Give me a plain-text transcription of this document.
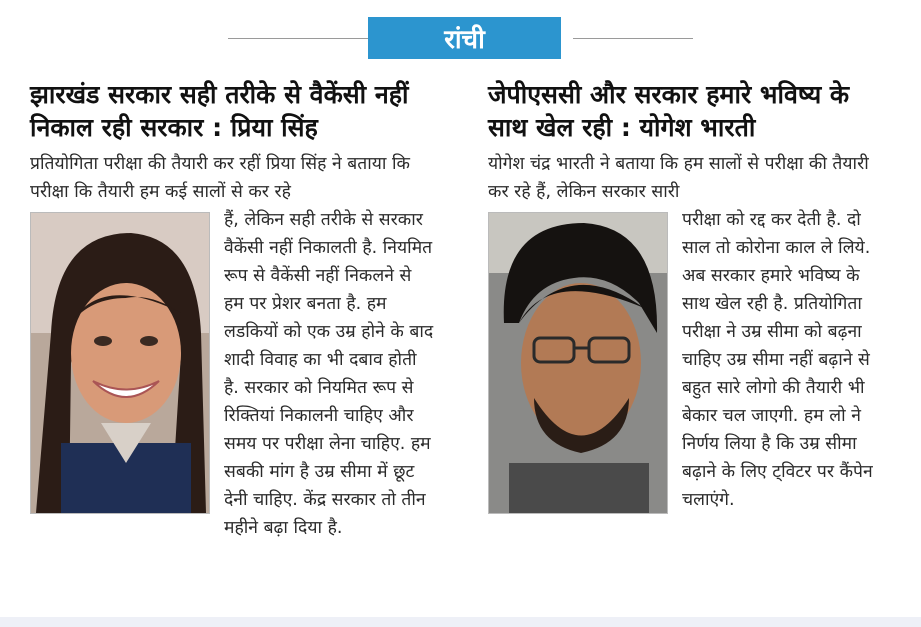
रांची
झारखंड सरकार सही तरीके से वैकेंसी नहीं निकाल रही सरकार : प्रिया सिंह

प्रतियोगिता परीक्षा की तैयारी कर रहीं प्रिया सिंह ने बताया कि परीक्षा कि तैयारी हम कई सालों से कर रहे

हैं, लेकिन सही तरीके से सरकार वैकेंसी नहीं निकालती है. नियमित रूप से वैकेंसी नहीं निकलने से हम पर प्रेशर बनता है. हम लडकियों को एक उम्र होने के बाद शादी विवाह का भी दबाव होती है. सरकार को नियमित रूप से रिक्तियां निकालनी चाहिए और समय पर परीक्षा लेना चाहिए. हम सबकी मांग है उम्र सीमा में छूट देनी चाहिए. केंद्र सरकार तो तीन महीने बढ़ा दिया है.

जेपीएससी और सरकार हमारे भविष्य के साथ खेल रही : योगेश भारती

योगेश चंद्र भारती ने बताया कि हम सालों से परीक्षा की तैयारी कर रहे हैं, लेकिन सरकार सारी

परीक्षा को रद्द कर देती है. दो साल तो कोरोना काल ले लिये. अब सरकार हमारे भविष्य के साथ खेल रही है. प्रतियोगिता परीक्षा ने उम्र सीमा को बढ़ना चाहिए उम्र सीमा नहीं बढ़ाने से बहुत सारे लोगो की तैयारी भी बेकार चल जाएगी. हम लो ने निर्णय लिया है कि उम्र सीमा बढ़ाने के लिए ट्विटर पर कैंपेन चलाएंगे.
